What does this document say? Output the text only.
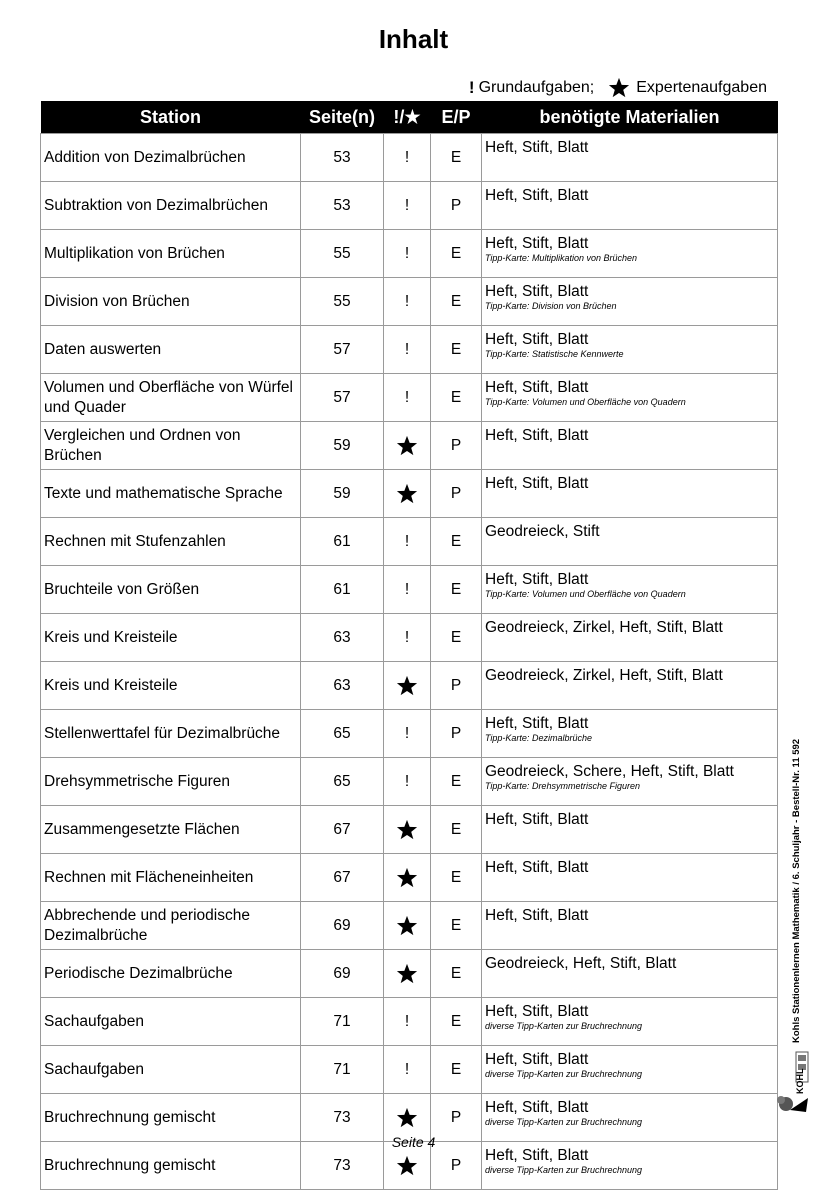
Inhalt
! Grundaufgaben;	Expertenaufgaben
Station	Seite(n)	!/★	E/P	benötigte Materialien
Addition von Dezimalbrüchen	53	!	E	Heft, Stift, Blatt

Subtraktion von Dezimalbrüchen	53	!	P	Heft, Stift, Blatt

Multiplikation von Brüchen	55	!	E	Heft, Stift, Blatt
Tipp-Karte: Multiplikation von Brüchen

Division von Brüchen	55	!	E	Heft, Stift, Blatt
Tipp-Karte: Division von Brüchen

Daten auswerten	57	!	E	Heft, Stift, Blatt
Tipp-Karte: Statistische Kennwerte

Volumen und Oberfläche von Würfel und Quader	57	!	E	Heft, Stift, Blatt
Tipp-Karte: Volumen und Oberfläche von Quadern

Vergleichen und Ordnen von Brüchen	59		P	Heft, Stift, Blatt

Texte und mathematische Sprache	59		P	Heft, Stift, Blatt

Rechnen mit Stufenzahlen	61	!	E	Geodreieck, Stift

Bruchteile von Größen	61	!	E	Heft, Stift, Blatt
Tipp-Karte: Volumen und Oberfläche von Quadern

Kreis und Kreisteile	63	!	E	Geodreieck, Zirkel, Heft, Stift, Blatt

Kreis und Kreisteile	63		P	Geodreieck, Zirkel, Heft, Stift, Blatt

Stellenwerttafel für Dezimalbrüche	65	!	P	Heft, Stift, Blatt
Tipp-Karte: Dezimalbrüche

Drehsymmetrische Figuren	65	!	E	Geodreieck, Schere, Heft, Stift, Blatt
Tipp-Karte: Drehsymmetrische Figuren

Zusammengesetzte Flächen	67		E	Heft, Stift, Blatt

Rechnen mit Flächeneinheiten	67		E	Heft, Stift, Blatt

Abbrechende und periodische Dezimalbrüche	69		E	Heft, Stift, Blatt

Periodische Dezimalbrüche	69		E	Geodreieck, Heft, Stift, Blatt

Sachaufgaben	71	!	E	Heft, Stift, Blatt
diverse Tipp-Karten zur Bruchrechnung

Sachaufgaben	71	!	E	Heft, Stift, Blatt
diverse Tipp-Karten zur Bruchrechnung

Bruchrechnung gemischt	73		P	Heft, Stift, Blatt
diverse Tipp-Karten zur Bruchrechnung

Bruchrechnung gemischt	73		P	Heft, Stift, Blatt
diverse Tipp-Karten zur Bruchrechnung
Seite 4
Kohls Stationenlernen Mathematik / 6. Schuljahr - Bestell-Nr. 11 592
KOHL
